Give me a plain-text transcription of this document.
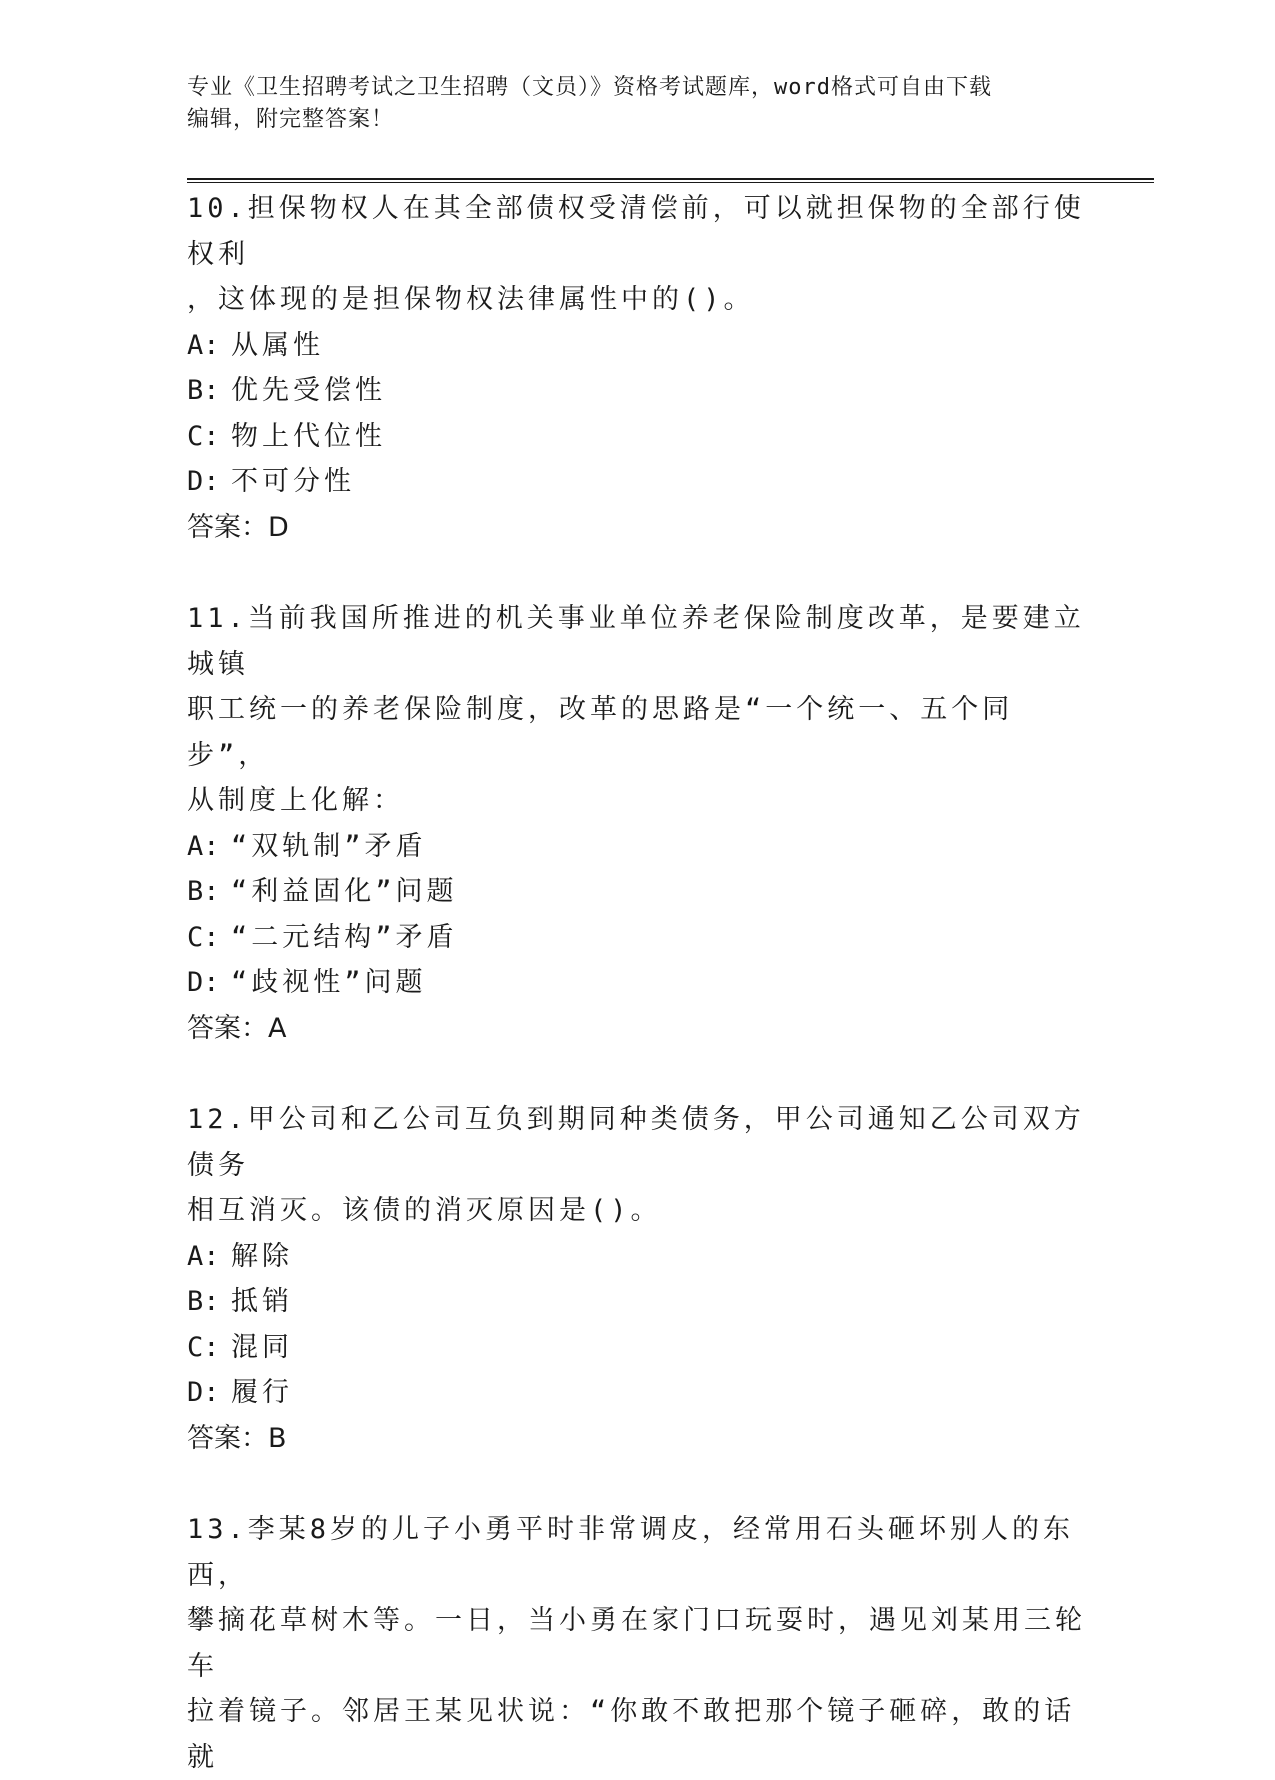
专业《卫生招聘考试之卫生招聘（文员）》资格考试题库，word格式可自由下载
编辑，附完整答案！

10.担保物权人在其全部债权受清偿前，可以就担保物的全部行使权利

，这体现的是担保物权法律属性中的()。

A: 从属性

B: 优先受偿性

C: 物上代位性

D: 不可分性

答案：D

11.当前我国所推进的机关事业单位养老保险制度改革，是要建立城镇

职工统一的养老保险制度，改革的思路是“一个统一、五个同步”，

从制度上化解：

A: “双轨制”矛盾

B: “利益固化”问题

C: “二元结构”矛盾

D: “歧视性”问题

答案：A

12.甲公司和乙公司互负到期同种类债务，甲公司通知乙公司双方债务

相互消灭。该债的消灭原因是()。

A: 解除

B: 抵销

C: 混同

D: 履行

答案：B

13.李某8岁的儿子小勇平时非常调皮，经常用石头砸坏别人的东西，

攀摘花草树木等。一日，当小勇在家门口玩耍时，遇见刘某用三轮车

拉着镜子。邻居王某见状说：“你敢不敢把那个镜子砸碎，敢的话就
